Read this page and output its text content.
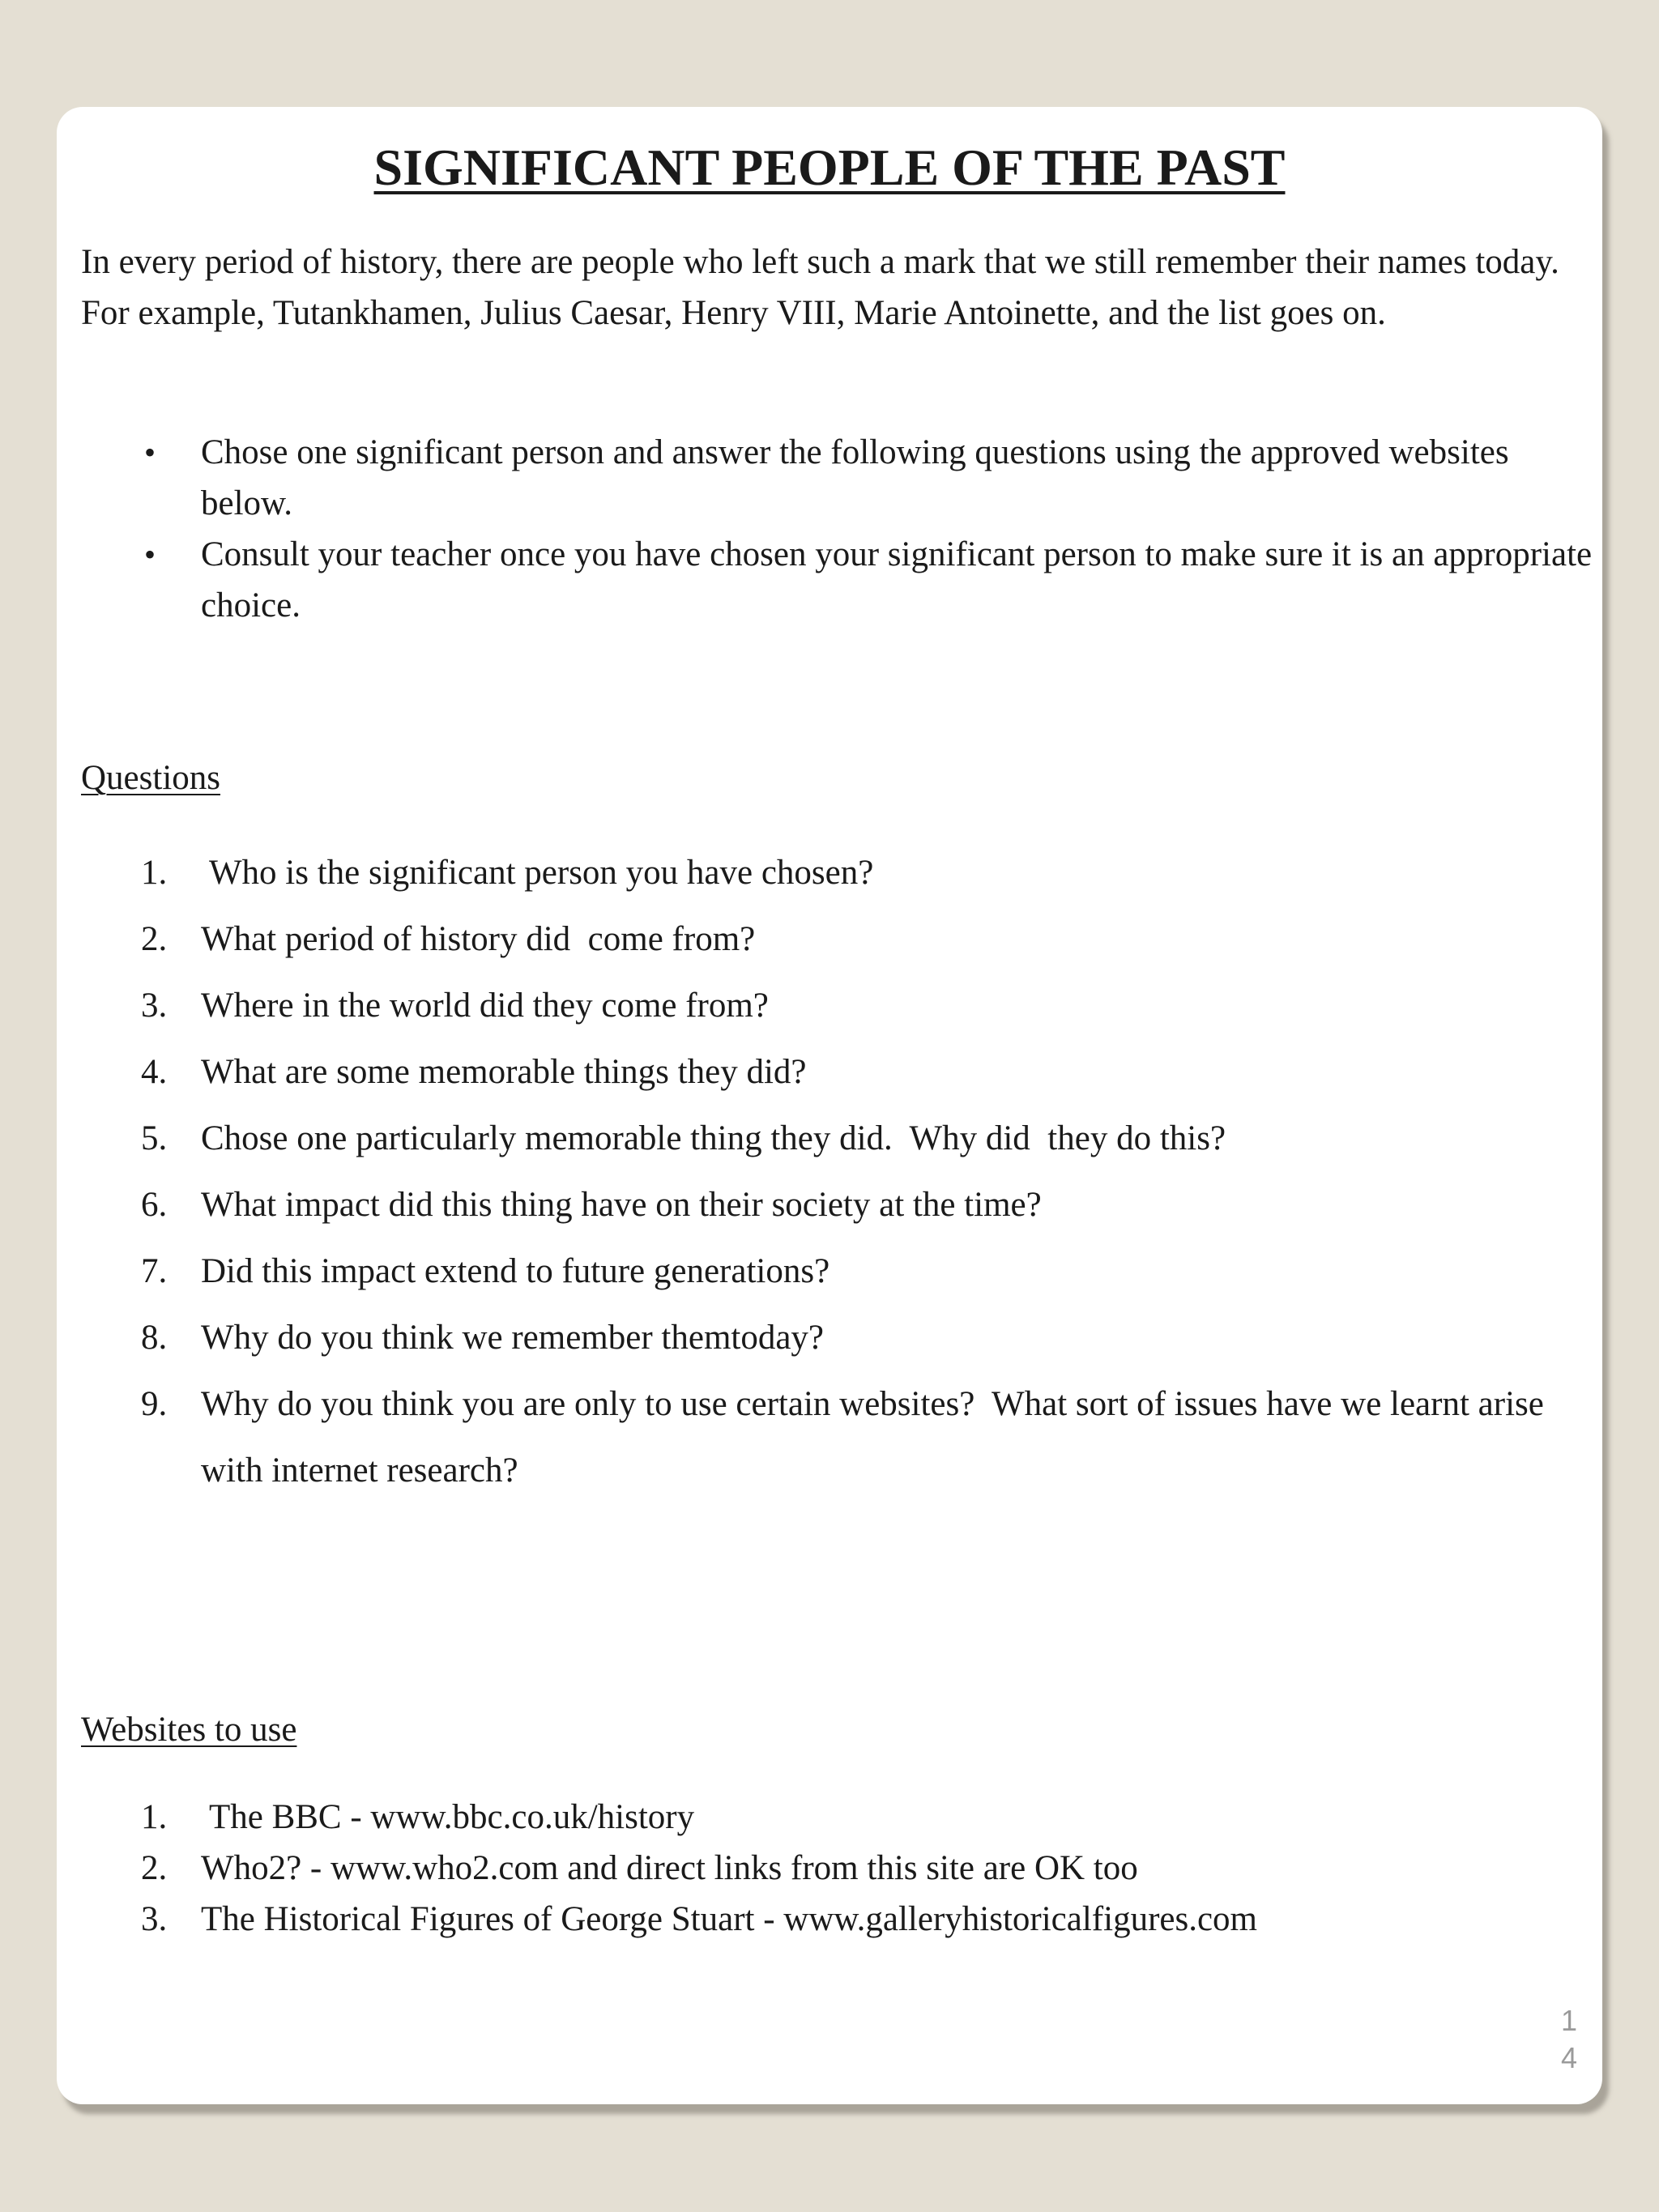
SIGNIFICANT PEOPLE OF THE PAST

In every period of history, there are people who left such a mark that we still remember their names today. For example, Tutankhamen, Julius Caesar, Henry VIII, Marie Antoinette, and the list goes on.

• Chose one significant person and answer the following questions using the approved websites below.
• Consult your teacher once you have chosen your significant person to make sure it is an appropriate choice.
Questions
1. Who is the significant person you have chosen?
2. What period of history did  come from?
3. Where in the world did they come from?
4. What are some memorable things they did?
5. Chose one particularly memorable thing they did.  Why did  they do this?
6. What impact did this thing have on their society at the time?
7. Did this impact extend to future generations?
8. Why do you think we remember themtoday?
9. Why do you think you are only to use certain websites?  What sort of issues have we learnt arise with internet research?
Websites to use
1. The BBC - www.bbc.co.uk/history
2. Who2? - www.who2.com and direct links from this site are OK too
3. The Historical Figures of George Stuart - www.galleryhistoricalfigures.com
14
